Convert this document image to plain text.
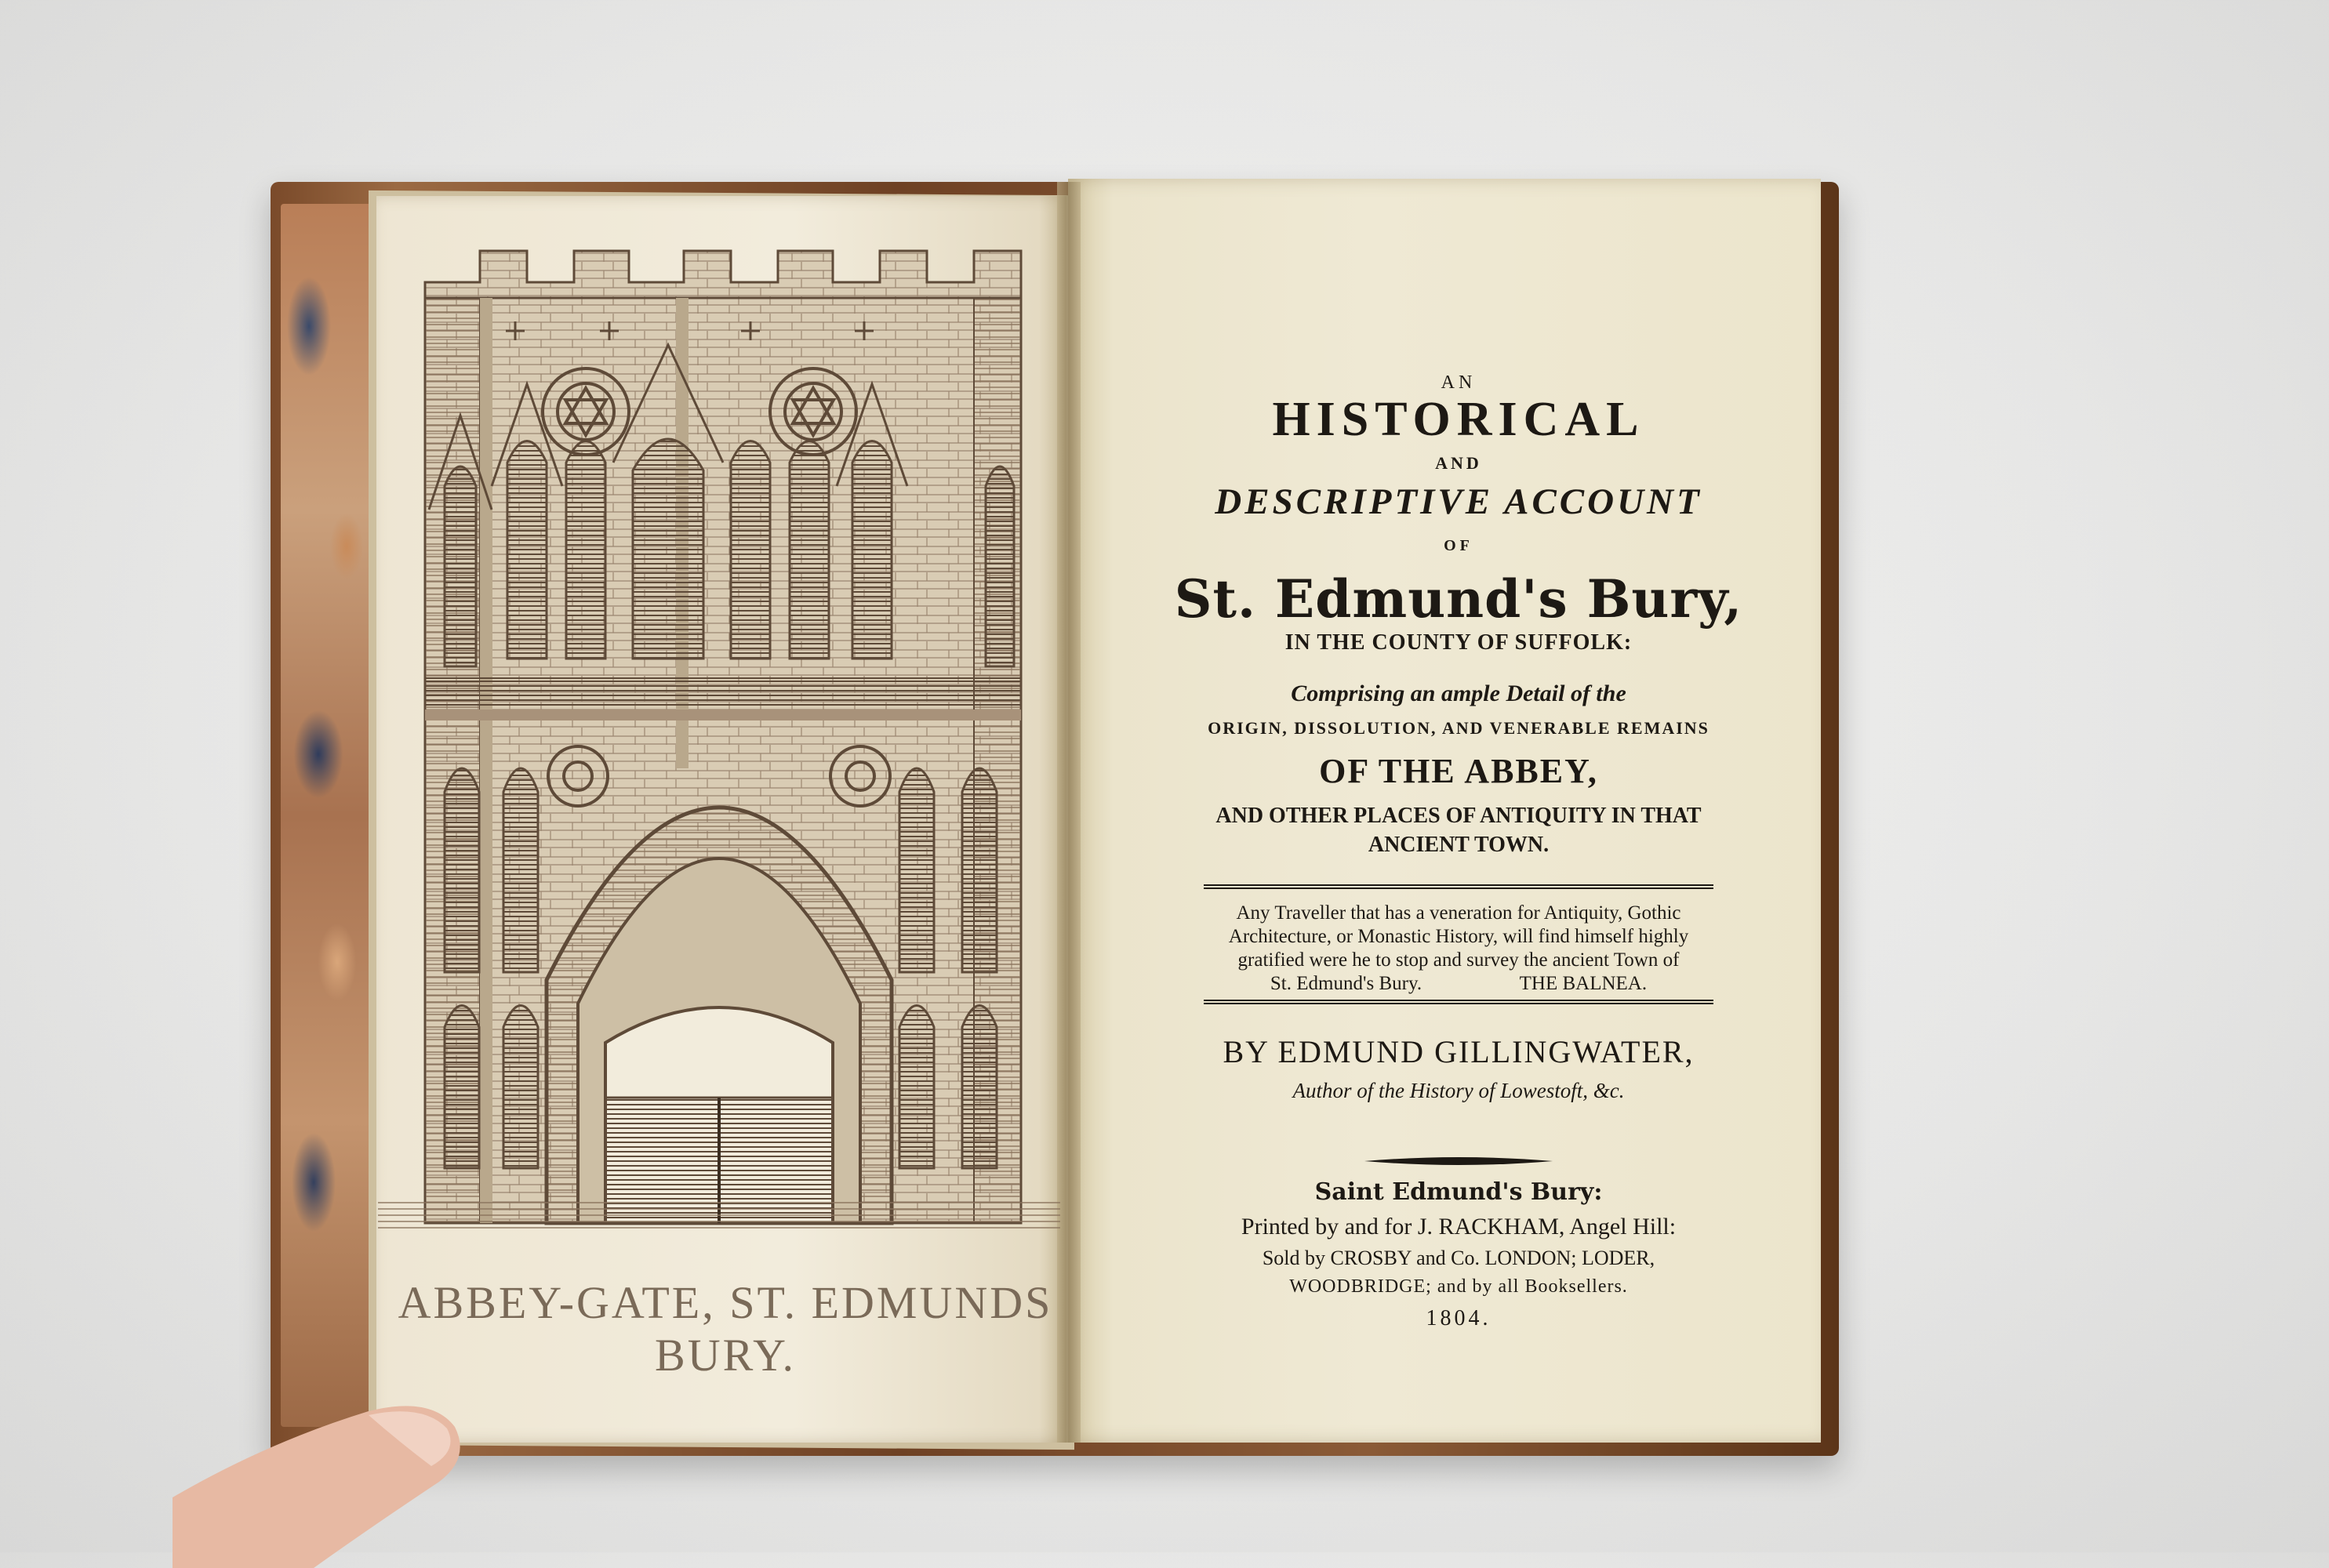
ABBEY-GATE, ST. EDMUNDS BURY.
AN
HISTORICAL
AND
DESCRIPTIVE ACCOUNT
OF
St. Edmund's Bury,
IN THE COUNTY OF SUFFOLK:
Comprising an ample Detail of the
ORIGIN, DISSOLUTION, AND VENERABLE REMAINS
OF THE ABBEY,
AND OTHER PLACES OF ANTIQUITY IN THAT
ANCIENT TOWN.
Any Traveller that has a veneration for Antiquity, Gothic
Architecture, or Monastic History, will find himself highly
gratified were he to stop and survey the ancient Town of
St. Edmund's Bury.                    THE BALNEA.
BY EDMUND GILLINGWATER,
Author of the History of Lowestoft, &c.
Saint Edmund's Bury:
Printed by and for J. RACKHAM, Angel Hill:
Sold by CROSBY and Co. LONDON; LODER,
WOODBRIDGE; and by all Booksellers.
1804.
